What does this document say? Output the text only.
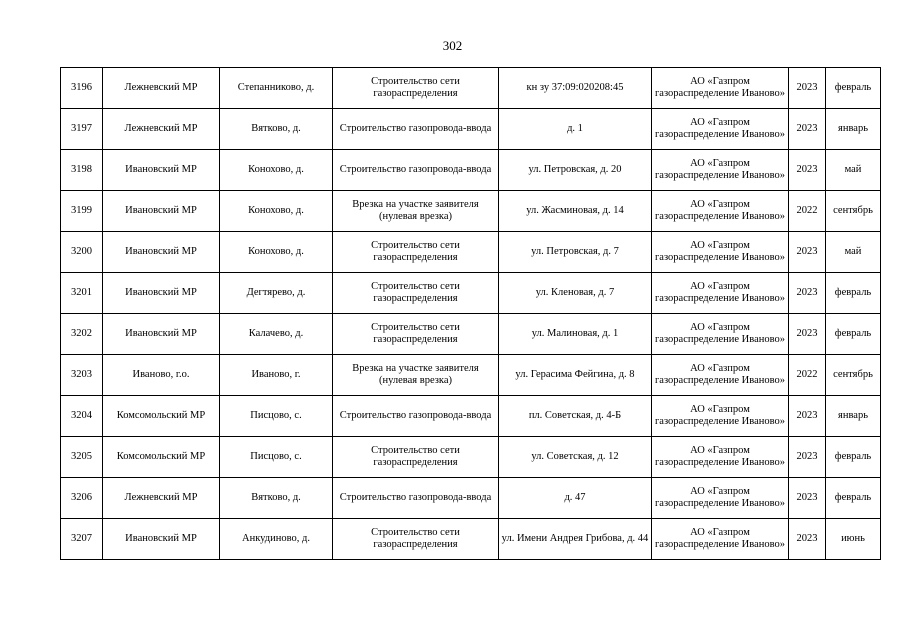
302
3196	Лежневский МР	Степанниково, д.	Строительство сети газораспределения	кн зу 37:09:020208:45	АО «Газпром газораспределение Иваново»	2023	февраль
3197	Лежневский МР	Вятково, д.	Строительство газопровода-ввода	д. 1	АО «Газпром газораспределение Иваново»	2023	январь
3198	Ивановский МР	Конохово, д.	Строительство газопровода-ввода	ул. Петровская, д. 20	АО «Газпром газораспределение Иваново»	2023	май
3199	Ивановский МР	Конохово, д.	Врезка на участке заявителя (нулевая врезка)	ул. Жасминовая, д. 14	АО «Газпром газораспределение Иваново»	2022	сентябрь
3200	Ивановский МР	Конохово, д.	Строительство сети газораспределения	ул. Петровская, д. 7	АО «Газпром газораспределение Иваново»	2023	май
3201	Ивановский МР	Дегтярево, д.	Строительство сети газораспределения	ул. Кленовая, д. 7	АО «Газпром газораспределение Иваново»	2023	февраль
3202	Ивановский МР	Калачево, д.	Строительство сети газораспределения	ул. Малиновая, д. 1	АО «Газпром газораспределение Иваново»	2023	февраль
3203	Иваново, г.о.	Иваново, г.	Врезка на участке заявителя (нулевая врезка)	ул. Герасима Фейгина, д. 8	АО «Газпром газораспределение Иваново»	2022	сентябрь
3204	Комсомольский МР	Писцово, с.	Строительство газопровода-ввода	пл. Советская, д. 4-Б	АО «Газпром газораспределение Иваново»	2023	январь
3205	Комсомольский МР	Писцово, с.	Строительство сети газораспределения	ул. Советская, д. 12	АО «Газпром газораспределение Иваново»	2023	февраль
3206	Лежневский МР	Вятково, д.	Строительство газопровода-ввода	д. 47	АО «Газпром газораспределение Иваново»	2023	февраль
3207	Ивановский МР	Анкудиново, д.	Строительство сети газораспределения	ул. Имени Андрея Грибова, д. 44	АО «Газпром газораспределение Иваново»	2023	июнь
